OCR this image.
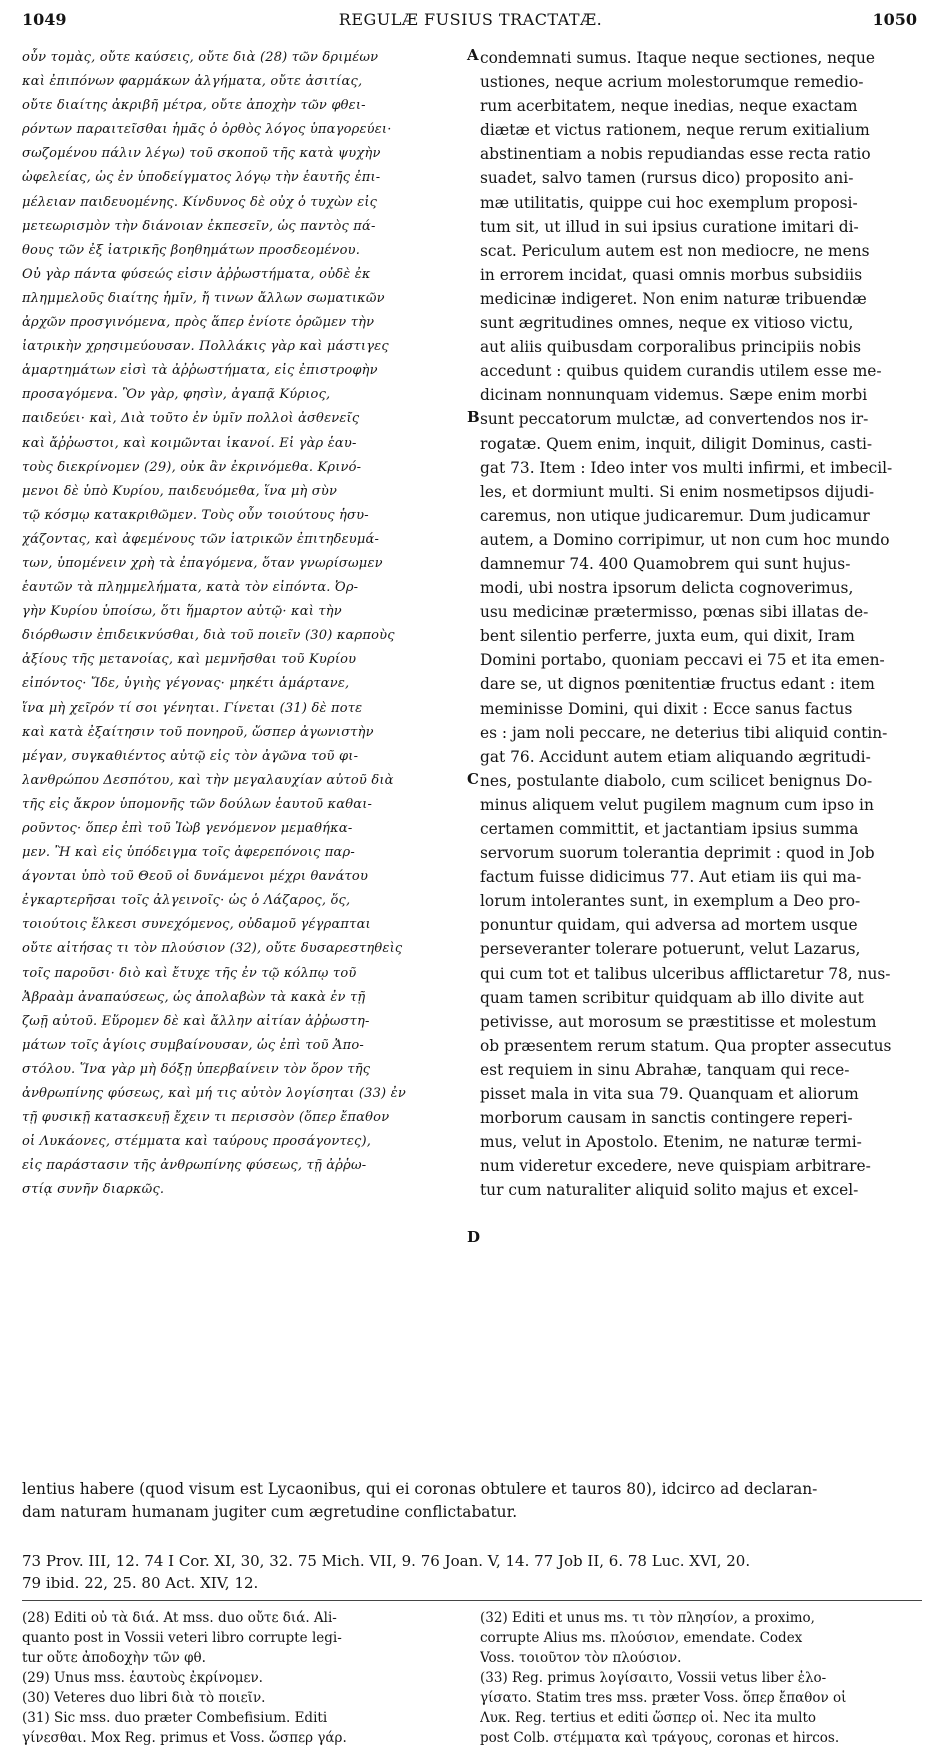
1049	REGULÆ FUSIUS TRACTATÆ.	1050
οὖν τομὰς, οὔτε καύσεις, οὔτε διὰ (28) τῶν δριμέων
καὶ ἐπιπόνων φαρμάκων ἀλγήματα, οὔτε ἀσιτίας,
οὔτε διαίτης ἀκριβῆ μέτρα, οὔτε ἀποχὴν τῶν φθει-
ρόντων παραιτεῖσθαι ἡμᾶς ὁ ὀρθὸς λόγος ὑπαγορεύει·
σωζομένου πάλιν λέγω) τοῦ σκοποῦ τῆς κατὰ ψυχὴν
ὠφελείας, ὡς ἐν ὑποδείγματος λόγῳ τὴν ἑαυτῆς ἐπι-
μέλειαν παιδευομένης. Κίνδυνος δὲ οὐχ ὁ τυχὼν εἰς
μετεωρισμὸν τὴν διάνοιαν ἐκπεσεῖν, ὡς παντὸς πά-
θους τῶν ἐξ ἰατρικῆς βοηθημάτων προσδεομένου.
Οὐ γὰρ πάντα φύσεώς εἰσιν ἀῤῥωστήματα, οὐδὲ ἐκ
πλημμελοῦς διαίτης ἡμῖν, ἤ τινων ἄλλων σωματικῶν
ἀρχῶν προσγινόμενα, πρὸς ἅπερ ἐνίοτε ὁρῶμεν τὴν
ἰατρικὴν χρησιμεύουσαν. Πολλάκις γὰρ καὶ μάστιγες
ἁμαρτημάτων εἰσὶ τὰ ἀῤῥωστήματα, εἰς ἐπιστροφὴν
προσαγόμενα. Ὃν γὰρ, φησὶν, ἀγαπᾷ Κύριος,
παιδεύει· καὶ, Διὰ τοῦτο ἐν ὑμῖν πολλοὶ ἀσθενεῖς
καὶ ἄῤῥωστοι, καὶ κοιμῶνται ἱκανοί. Εἰ γὰρ ἑαυ-
τοὺς διεκρίνομεν (29), οὐκ ἂν ἐκρινόμεθα. Κρινό-
μενοι δὲ ὑπὸ Κυρίου, παιδευόμεθα, ἵνα μὴ σὺν
τῷ κόσμῳ κατακριθῶμεν. Τοὺς οὖν τοιούτους ἡσυ-
χάζοντας, καὶ ἀφεμένους τῶν ἰατρικῶν ἐπιτηδευμά-
των, ὑπομένειν χρὴ τὰ ἐπαγόμενα, ὅταν γνωρίσωμεν
ἑαυτῶν τὰ πλημμελήματα, κατὰ τὸν εἰπόντα. Ὀρ-
γὴν Κυρίου ὑποίσω, ὅτι ἥμαρτον αὐτῷ· καὶ τὴν
διόρθωσιν ἐπιδεικνύσθαι, διὰ τοῦ ποιεῖν (30) καρποὺς
ἀξίους τῆς μετανοίας, καὶ μεμνῆσθαι τοῦ Κυρίου
εἰπόντος· Ἴδε, ὑγιὴς γέγονας· μηκέτι ἁμάρτανε,
ἵνα μὴ χεῖρόν τί σοι γένηται. Γίνεται (31) δὲ ποτε
καὶ κατὰ ἐξαίτησιν τοῦ πονηροῦ, ὥσπερ ἀγωνιστὴν
μέγαν, συγκαθιέντος αὐτῷ εἰς τὸν ἀγῶνα τοῦ φι-
λανθρώπου Δεσπότου, καὶ τὴν μεγαλαυχίαν αὐτοῦ διὰ
τῆς εἰς ἄκρον ὑπομονῆς τῶν δούλων ἑαυτοῦ καθαι-
ροῦντος· ὅπερ ἐπὶ τοῦ Ἰὼβ γενόμενον μεμαθήκα-
μεν. Ἢ καὶ εἰς ὑπόδειγμα τοῖς ἀφερεπόνοις παρ-
άγονται ὑπὸ τοῦ Θεοῦ οἱ δυνάμενοι μέχρι θανάτου
ἐγκαρτερῆσαι τοῖς ἀλγεινοῖς· ὡς ὁ Λάζαρος, ὅς,
τοιούτοις ἕλκεσι συνεχόμενος, οὐδαμοῦ γέγραπται
οὔτε αἰτήσας τι τὸν πλούσιον (32), οὔτε δυσαρεστηθεὶς
τοῖς παροῦσι· διὸ καὶ ἔτυχε τῆς ἐν τῷ κόλπῳ τοῦ
Ἀβραὰμ ἀναπαύσεως, ὡς ἀπολαβὼν τὰ κακὰ ἐν τῇ
ζωῇ αὐτοῦ. Εὕρομεν δὲ καὶ ἄλλην αἰτίαν ἀῤῥωστη-
μάτων τοῖς ἁγίοις συμβαίνουσαν, ὡς ἐπὶ τοῦ Ἀπο-
στόλου. Ἵνα γὰρ μὴ δόξῃ ὑπερβαίνειν τὸν ὅρον τῆς
ἀνθρωπίνης φύσεως, καὶ μή τις αὐτὸν λογίσηται (33) ἐν
τῇ φυσικῇ κατασκευῇ ἔχειν τι περισσὸν (ὅπερ ἔπαθον
οἱ Λυκάονες, στέμματα καὶ ταύρους προσάγοντες),
εἰς παράστασιν τῆς ἀνθρωπίνης φύσεως, τῇ ἀῤῥω-
στίᾳ συνῆν διαρκῶς.
condemnati sumus. Itaque neque sectiones, neque
ustiones, neque acrium molestorumque remedio-
rum acerbitatem, neque inedias, neque exactam
diætæ et victus rationem, neque rerum exitialium
abstinentiam a nobis repudiandas esse recta ratio
suadet, salvo tamen (rursus dico) proposito ani-
mæ utilitatis, quippe cui hoc exemplum proposi-
tum sit, ut illud in sui ipsius curatione imitari di-
scat. Periculum autem est non mediocre, ne mens
in errorem incidat, quasi omnis morbus subsidiis
medicinæ indigeret. Non enim naturæ tribuendæ
sunt ægritudines omnes, neque ex vitioso victu,
aut aliis quibusdam corporalibus principiis nobis
accedunt : quibus quidem curandis utilem esse me-
dicinam nonnunquam videmus. Sæpe enim morbi
sunt peccatorum mulctæ, ad convertendos nos ir-
rogatæ. Quem enim, inquit, diligit Dominus, casti-
gat 73. Item : Ideo inter vos multi infirmi, et imbecil-
les, et dormiunt multi. Si enim nosmetipsos dijudi-
caremus, non utique judicaremur. Dum judicamur
autem, a Domino corripimur, ut non cum hoc mundo
damnemur 74. 400 Quamobrem qui sunt hujus-
modi, ubi nostra ipsorum delicta cognoverimus,
usu medicinæ prætermisso, pœnas sibi illatas de-
bent silentio perferre, juxta eum, qui dixit, Iram
Domini portabo, quoniam peccavi ei 75 et ita emen-
dare se, ut dignos pœnitentiæ fructus edant : item
meminisse Domini, qui dixit : Ecce sanus factus
es : jam noli peccare, ne deterius tibi aliquid contin-
gat 76. Accidunt autem etiam aliquando ægritudi-
nes, postulante diabolo, cum scilicet benignus Do-
minus aliquem velut pugilem magnum cum ipso in
certamen committit, et jactantiam ipsius summa
servorum suorum tolerantia deprimit : quod in Job
factum fuisse didicimus 77. Aut etiam iis qui ma-
lorum intolerantes sunt, in exemplum a Deo pro-
ponuntur quidam, qui adversa ad mortem usque
perseveranter tolerare potuerunt, velut Lazarus,
qui cum tot et talibus ulceribus afflictaretur 78, nus-
quam tamen scribitur quidquam ab illo divite aut
petivisse, aut morosum se præstitisse et molestum
ob præsentem rerum statum. Qua propter assecutus
est requiem in sinu Abrahæ, tanquam qui rece-
pisset mala in vita sua 79. Quanquam et aliorum
morborum causam in sanctis contingere reperi-
mus, velut in Apostolo. Etenim, ne naturæ termi-
num videretur excedere, neve quispiam arbitrare-
tur cum naturaliter aliquid solito majus et excel-
A
B
C
D
lentius habere (quod visum est Lycaonibus, qui ei coronas obtulere et tauros 80), idcirco ad declaran-
dam naturam humanam jugiter cum ægretudine conflictabatur.
73 Prov. III, 12. 74 I Cor. XI, 30, 32. 75 Mich. VII, 9. 76 Joan. V, 14. 77 Job II, 6. 78 Luc. XVI, 20.
79 ibid. 22, 25. 80 Act. XIV, 12.
(28) Editi οὐ τὰ διά. At mss. duo οὔτε διά. Ali-
quanto post in Vossii veteri libro corrupte legi-
tur οὔτε ἀποδοχὴν τῶν φθ.
(29) Unus mss. ἑαυτοὺς ἐκρίνομεν.
(30) Veteres duo libri διὰ τὸ ποιεῖν.
(31) Sic mss. duo præter Combefisium. Editi
γίνεσθαι. Mox Reg. primus et Voss. ὥσπερ γάρ.
(32) Editi et unus ms. τι τὸν πλησίον, a proximo,
corrupte Alius ms. πλούσιον, emendate. Codex
Voss. τοιοῦτον τὸν πλούσιον.
(33) Reg. primus λογίσαιτο, Vossii vetus liber ἐλο-
γίσατο. Statim tres mss. præter Voss. ὅπερ ἔπαθον οἱ
Λυκ. Reg. tertius et editi ὥσπερ οἱ. Nec ita multo
post Colb. στέμματα καὶ τράγους, coronas et hircos.
